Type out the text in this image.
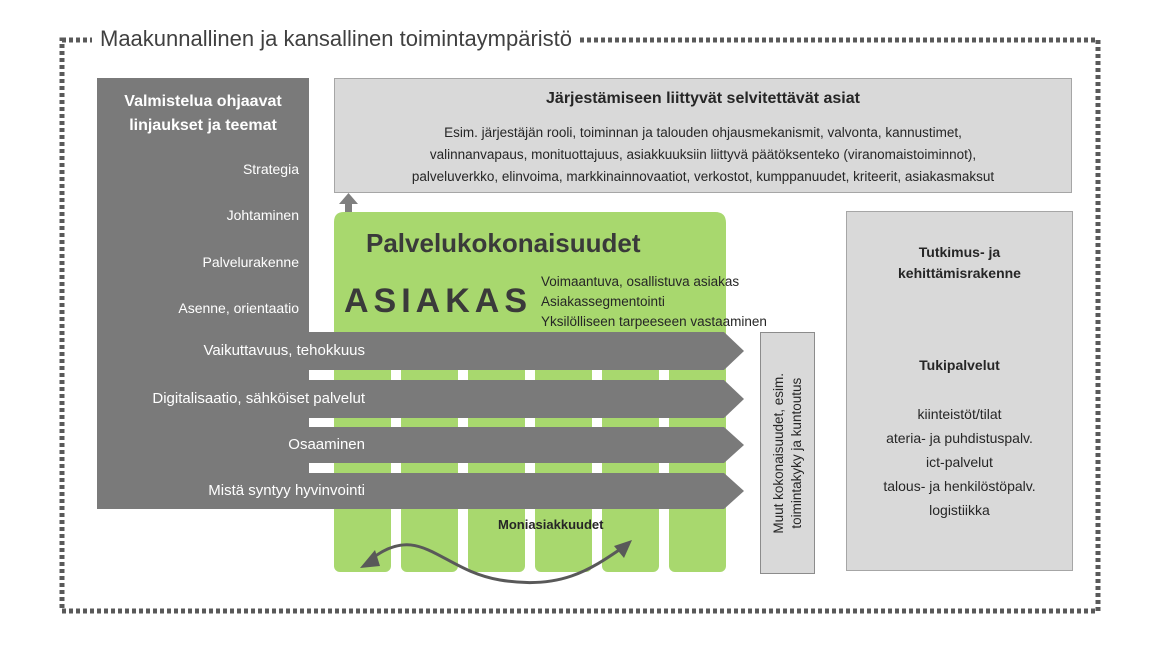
Maakunnallinen ja kansallinen toimintaympäristö
Valmistelua ohjaavat
linjaukset ja teemat
Strategia
Johtaminen
Palvelurakenne
Asenne, orientaatio
Järjestämiseen liittyvät selvitettävät asiat
Esim. järjestäjän rooli, toiminnan ja talouden ohjausmekanismit, valvonta, kannustimet,
valinnanvapaus, monituottajuus, asiakkuuksiin liittyvä päätöksenteko (viranomaistoiminnot),
palveluverkko, elinvoima, markkinainnovaatiot, verkostot, kumppanuudet, kriteerit, asiakasmaksut
Palvelukokonaisuudet
ASIAKAS
Voimaantuva, osallistuva asiakas
Asiakassegmentointi
Yksilölliseen tarpeeseen vastaaminen
Vaikuttavuus, tehokkuus
Digitalisaatio, sähköiset palvelut
Osaaminen
Mistä syntyy hyvinvointi
Moniasiakkuudet	Muut kokonaisuudet, esim. toimintakyky ja kuntoutus
Tutkimus- ja
kehittämisrakenne
Tukipalvelut
kiinteistöt/tilat
ateria- ja puhdistuspalv.
ict-palvelut
talous- ja henkilöstöpalv.
logistiikka
